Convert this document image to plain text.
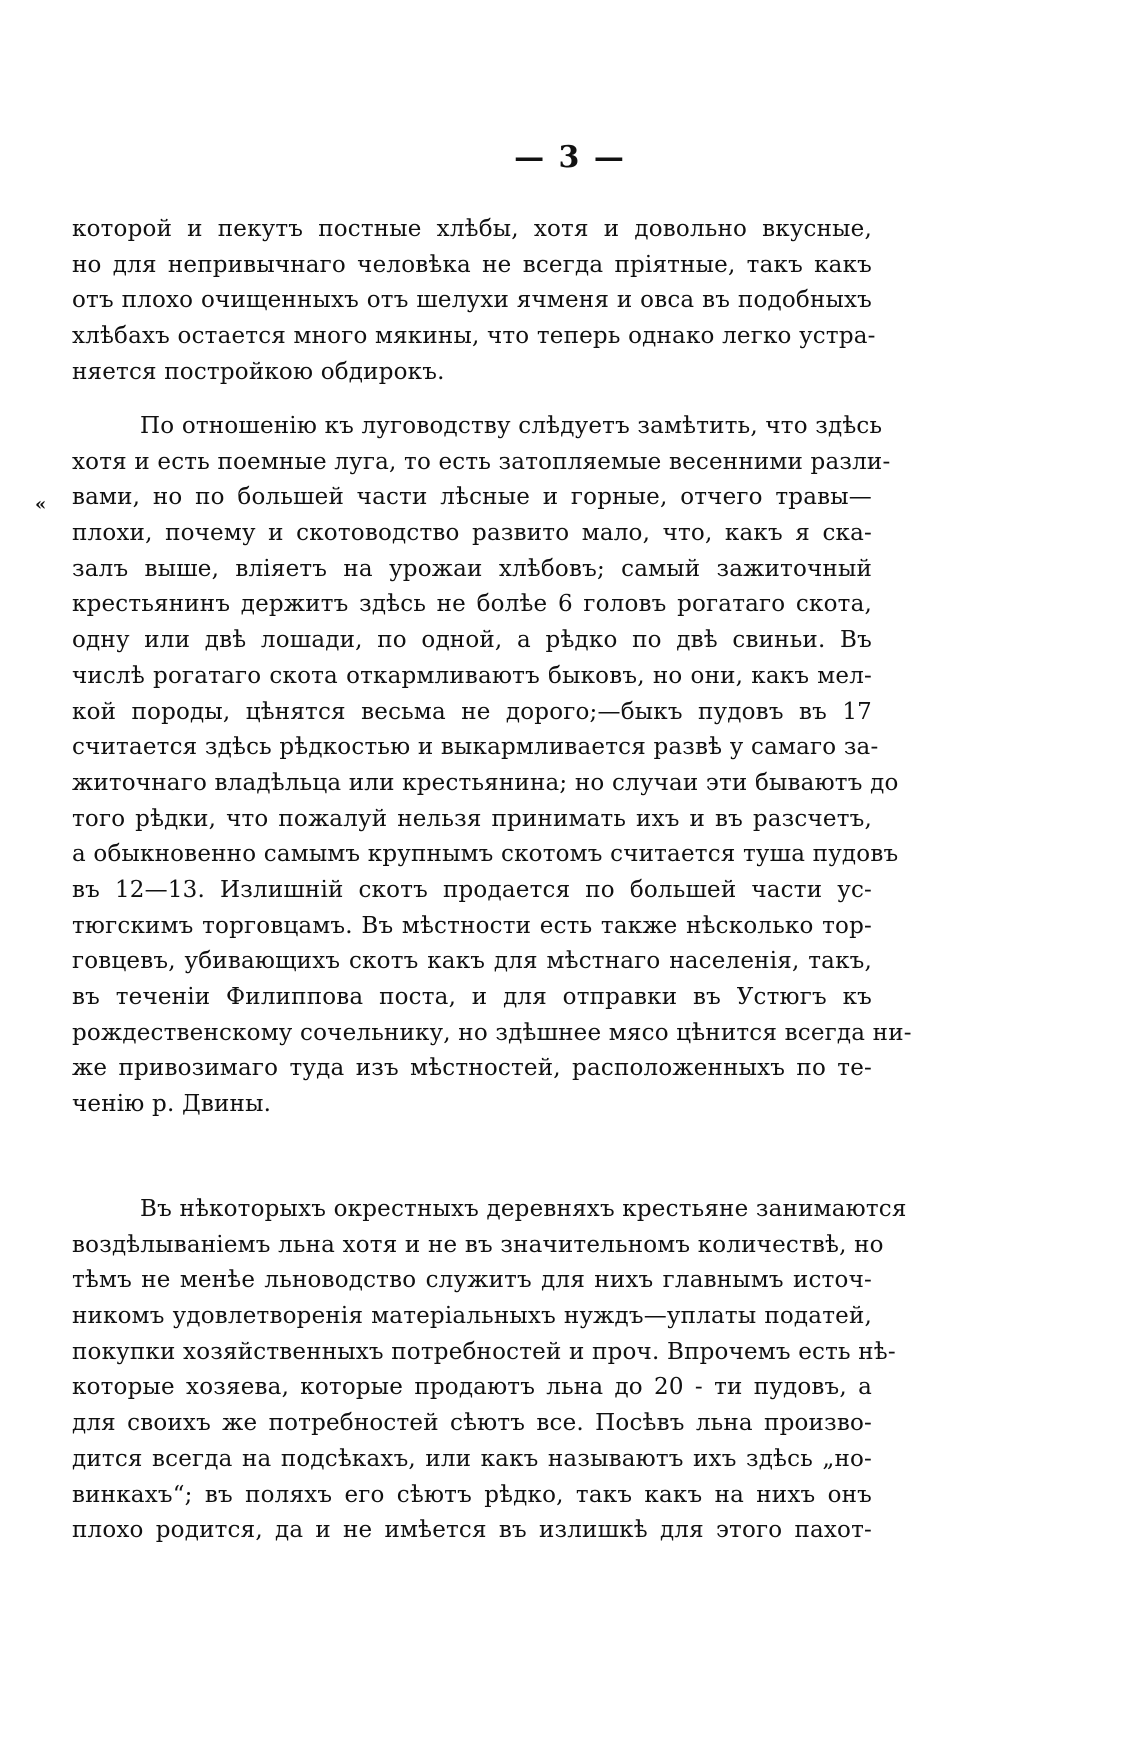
— 3 —
«
которой и пекутъ постные хлѣбы, хотя и довольно вкусные,
но для непривычнаго человѣка не всегда пріятные, такъ какъ
отъ плохо очищенныхъ отъ шелухи ячменя и овса въ подобныхъ
хлѣбахъ остается много мякины, что теперь однако легко устра-
няется постройкою обдирокъ.
По отношенію къ луговодству слѣдуетъ замѣтить, что здѣсь
хотя и есть поемные луга, то есть затопляемые весенними разли-
вами, но по большей части лѣсные и горные, отчего травы—
плохи, почему и скотоводство развито мало, что, какъ я ска-
залъ выше, вліяетъ на урожаи хлѣбовъ; самый зажиточный
крестьянинъ держитъ здѣсь не болѣе 6 головъ рогатаго скота,
одну или двѣ лошади, по одной, а рѣдко по двѣ свиньи. Въ
числѣ рогатаго скота откармливаютъ быковъ, но они, какъ мел-
кой породы, цѣнятся весьма не дорого;—быкъ пудовъ въ 17
считается здѣсь рѣдкостью и выкармливается развѣ у самаго за-
житочнаго владѣльца или крестьянина; но случаи эти бываютъ до
того рѣдки, что пожалуй нельзя принимать ихъ и въ разсчетъ,
а обыкновенно самымъ крупнымъ скотомъ считается туша пудовъ
въ 12—13. Излишній скотъ продается по большей части ус-
тюгскимъ торговцамъ. Въ мѣстности есть также нѣсколько тор-
говцевъ, убивающихъ скотъ какъ для мѣстнаго населенія, такъ,
въ теченіи Филиппова поста, и для отправки въ Устюгъ къ
рождественскому сочельнику, но здѣшнее мясо цѣнится всегда ни-
же привозимаго туда изъ мѣстностей, расположенныхъ по те-
ченію р. Двины.
Въ нѣкоторыхъ окрестныхъ деревняхъ крестьяне занимаются
воздѣлываніемъ льна хотя и не въ значительномъ количествѣ, но
тѣмъ не менѣе льноводство служитъ для нихъ главнымъ источ-
никомъ удовлетворенія матеріальныхъ нуждъ—уплаты податей,
покупки хозяйственныхъ потребностей и проч. Впрочемъ есть нѣ-
которые хозяева, которые продаютъ льна до 20 - ти пудовъ, а
для своихъ же потребностей сѣютъ все. Посѣвъ льна произво-
дится всегда на подсѣкахъ, или какъ называютъ ихъ здѣсь „но-
винкахъ“; въ поляхъ его сѣютъ рѣдко, такъ какъ на нихъ онъ
плохо родится, да и не имѣется въ излишкѣ для этого пахот-
